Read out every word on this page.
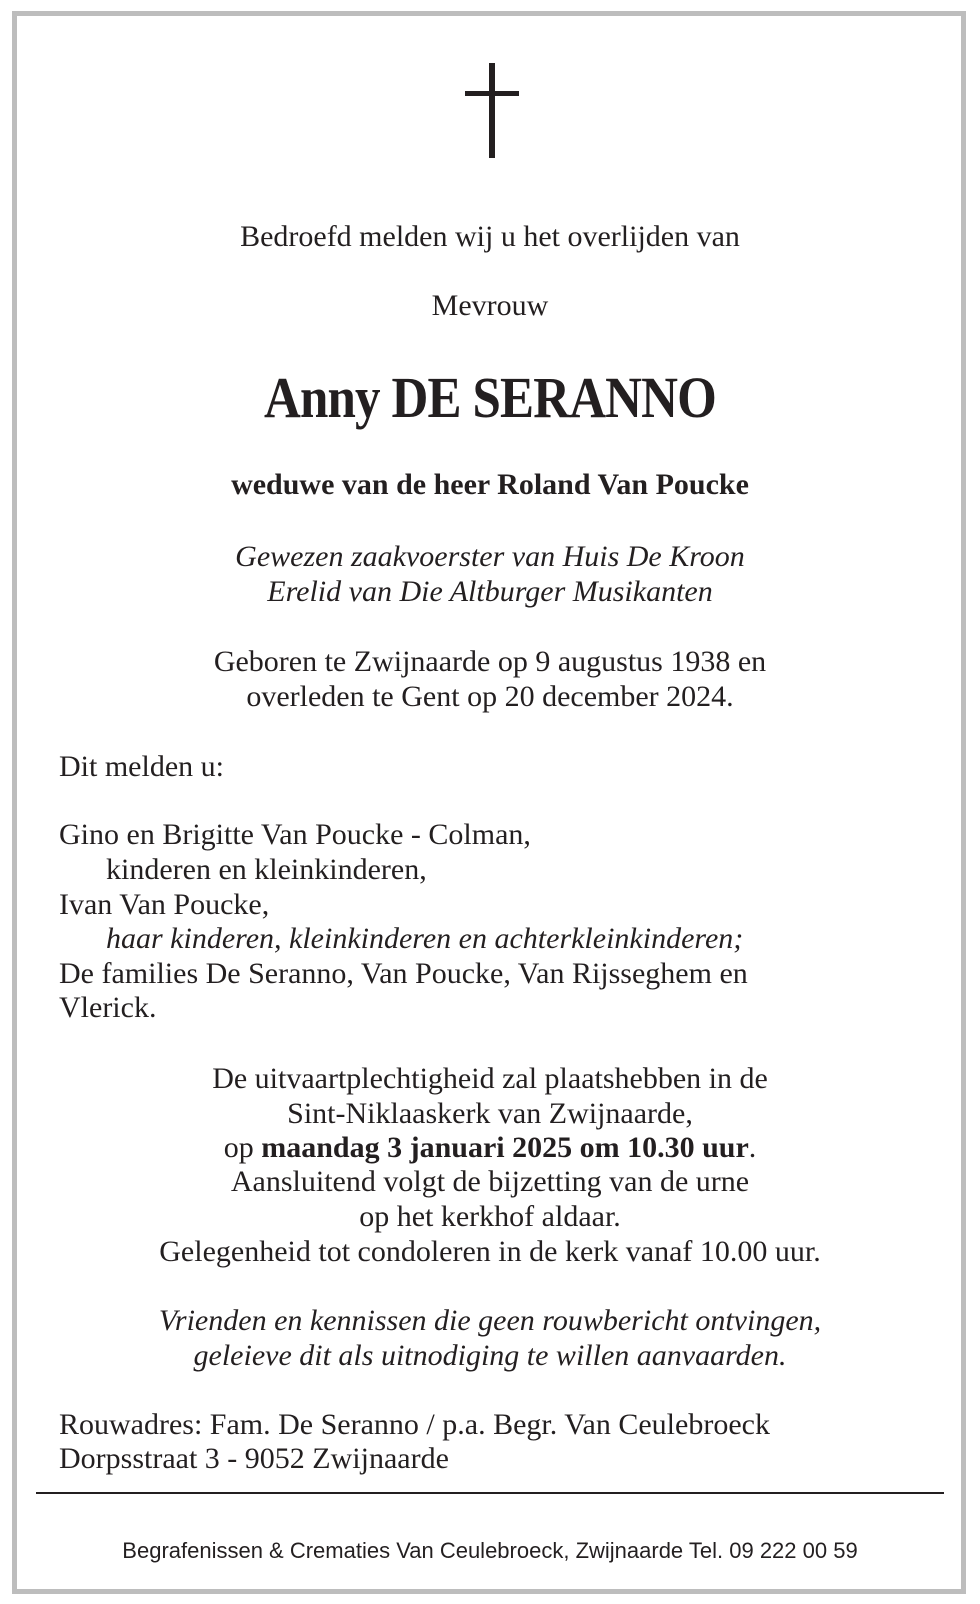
Bedroefd melden wij u het overlijden van
Mevrouw
Anny DE SERANNO
weduwe van de heer Roland Van Poucke
Gewezen zaakvoerster van Huis De Kroon
Erelid van Die Altburger Musikanten
Geboren te Zwijnaarde op 9 augustus 1938 en
overleden te Gent op 20 december 2024.
Dit melden u:
Gino en Brigitte Van Poucke - Colman,
kinderen en kleinkinderen,
Ivan Van Poucke,
haar kinderen, kleinkinderen en achterkleinkinderen;
De families De Seranno, Van Poucke, Van Rijsseghem en
Vlerick.
De uitvaartplechtigheid zal plaatshebben in de
Sint-Niklaaskerk van Zwijnaarde,
op maandag 3 januari 2025 om 10.30 uur.
Aansluitend volgt de bijzetting van de urne
op het kerkhof aldaar.
Gelegenheid tot condoleren in de kerk vanaf 10.00 uur.
Vrienden en kennissen die geen rouwbericht ontvingen,
geleieve dit als uitnodiging te willen aanvaarden.
Rouwadres: Fam. De Seranno / p.a. Begr. Van Ceulebroeck
Dorpsstraat 3 - 9052 Zwijnaarde
Begrafenissen & Crematies Van Ceulebroeck, Zwijnaarde Tel. 09 222 00 59
